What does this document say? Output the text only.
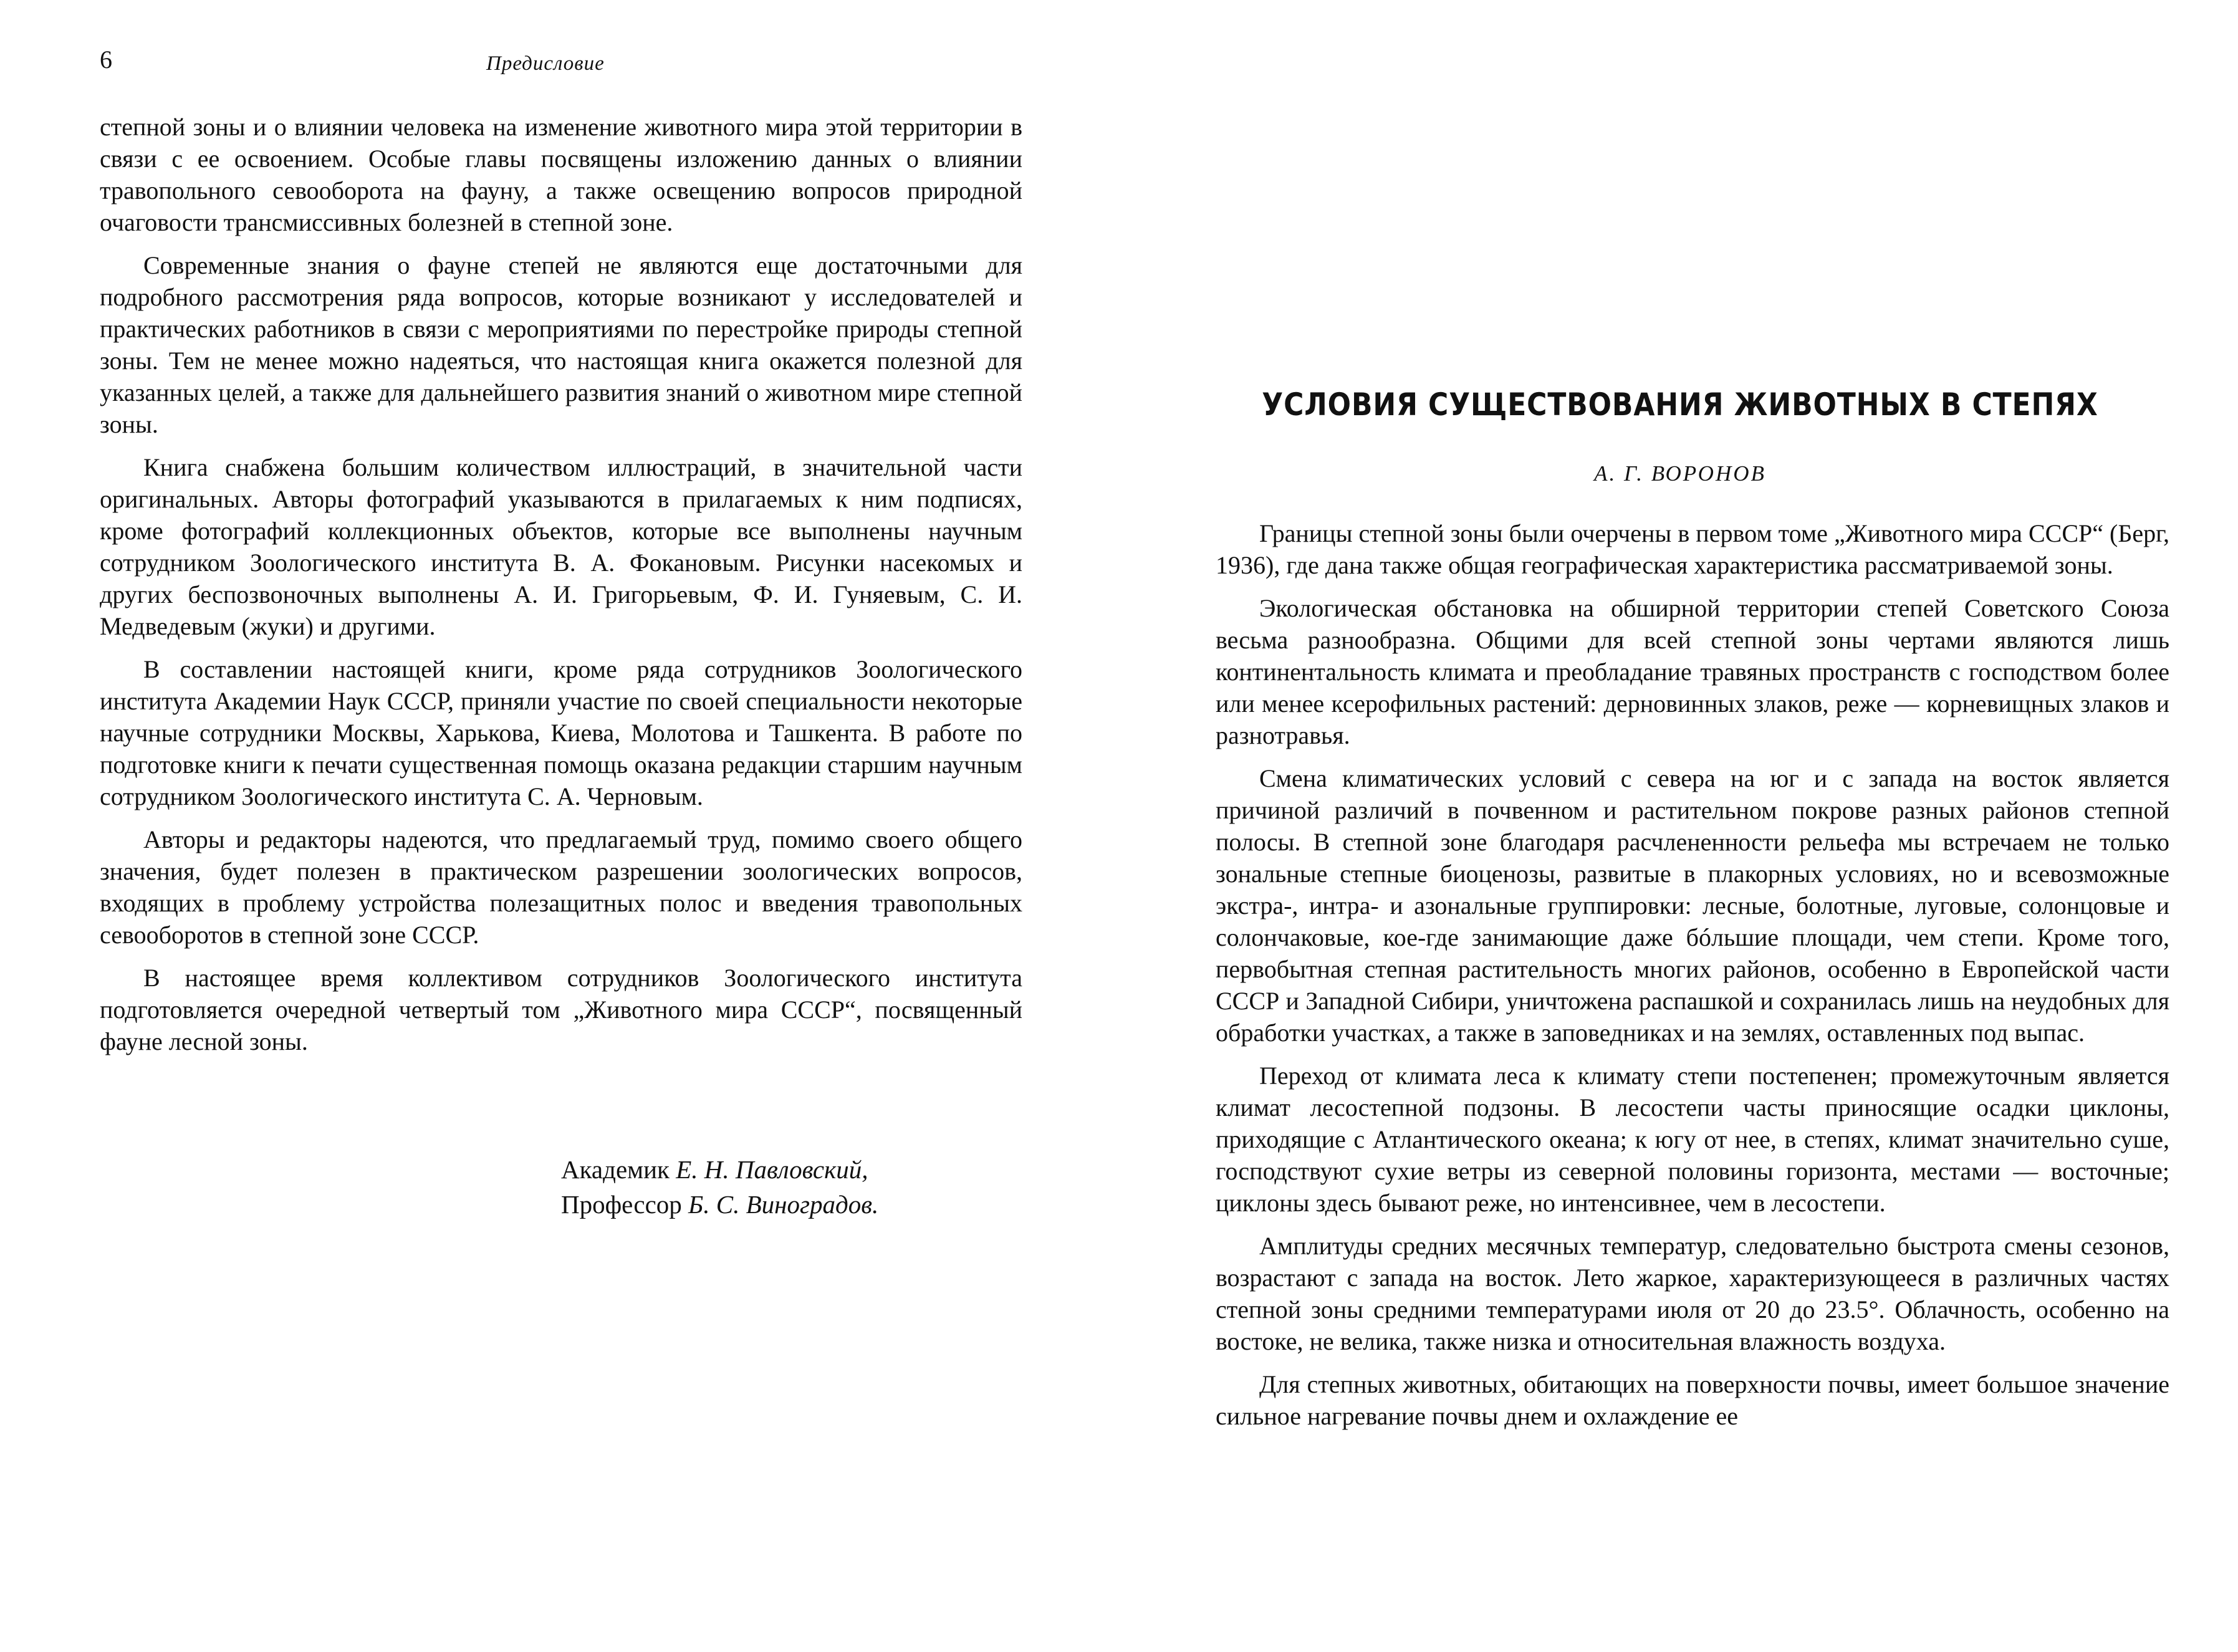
6	Предисловие

степной зоны и о влиянии человека на изменение животного мира этой территории в связи с ее освоением. Особые главы посвящены изложению данных о влиянии травопольного севооборота на фауну, а также освещению вопросов природной очаговости трансмиссивных болезней в степной зоне.

Современные знания о фауне степей не являются еще достаточными для подробного рассмотрения ряда вопросов, которые возникают у исследователей и практических работников в связи с мероприятиями по перестройке природы степной зоны. Тем не менее можно надеяться, что настоящая книга окажется полезной для указанных целей, а также для дальнейшего развития знаний о животном мире степной зоны.

Книга снабжена большим количеством иллюстраций, в значительной части оригинальных. Авторы фотографий указываются в прилагаемых к ним подписях, кроме фотографий коллекционных объектов, которые все выполнены научным сотрудником Зоологического института В. А. Фокановым. Рисунки насекомых и других беспозвоночных выполнены А. И. Григорьевым, Ф. И. Гуняевым, С. И. Медведевым (жуки) и другими.

В составлении настоящей книги, кроме ряда сотрудников Зоологического института Академии Наук СССР, приняли участие по своей специальности некоторые научные сотрудники Москвы, Харькова, Киева, Молотова и Ташкента. В работе по подготовке книги к печати существенная помощь оказана редакции старшим научным сотрудником Зоологического института С. А. Черновым.

Авторы и редакторы надеются, что предлагаемый труд, помимо своего общего значения, будет полезен в практическом разрешении зоологических вопросов, входящих в проблему устройства полезащитных полос и введения травопольных севооборотов в степной зоне СССР.

В настоящее время коллективом сотрудников Зоологического института подготовляется очередной четвертый том „Животного мира СССР“, посвященный фауне лесной зоны.

Академик Е. Н. Павловский,
Профессор Б. С. Виноградов.
УСЛОВИЯ СУЩЕСТВОВАНИЯ ЖИВОТНЫХ В СТЕПЯХ
А. Г. ВОРОНОВ

Границы степной зоны были очерчены в первом томе „Животного мира СССР“ (Берг, 1936), где дана также общая географическая характеристика рассматриваемой зоны.

Экологическая обстановка на обширной территории степей Советского Союза весьма разнообразна. Общими для всей степной зоны чертами являются лишь континентальность климата и преобладание травяных пространств с господством более или менее ксерофильных растений: дерновинных злаков, реже — корневищных злаков и разнотравья.

Смена климатических условий с севера на юг и с запада на восток является причиной различий в почвенном и растительном покрове разных районов степной полосы. В степной зоне благодаря расчлененности рельефа мы встречаем не только зональные степные биоценозы, развитые в плакорных условиях, но и всевозможные экстра-, интра- и азональные группировки: лесные, болотные, луговые, солонцовые и солончаковые, кое-где занимающие даже бóльшие площади, чем степи. Кроме того, первобытная степная растительность многих районов, особенно в Европейской части СССР и Западной Сибири, уничтожена распашкой и сохранилась лишь на неудобных для обработки участках, а также в заповедниках и на землях, оставленных под выпас.

Переход от климата леса к климату степи постепенен; промежуточным является климат лесостепной подзоны. В лесостепи часты приносящие осадки циклоны, приходящие с Атлантического океана; к югу от нее, в степях, климат значительно суше, господствуют сухие ветры из северной половины горизонта, местами — восточные; циклоны здесь бывают реже, но интенсивнее, чем в лесостепи.

Амплитуды средних месячных температур, следовательно быстрота смены сезонов, возрастают с запада на восток. Лето жаркое, характеризующееся в различных частях степной зоны средними температурами июля от 20 до 23.5°. Облачность, особенно на востоке, не велика, также низка и относительная влажность воздуха.

Для степных животных, обитающих на поверхности почвы, имеет большое значение сильное нагревание почвы днем и охлаждение ее
